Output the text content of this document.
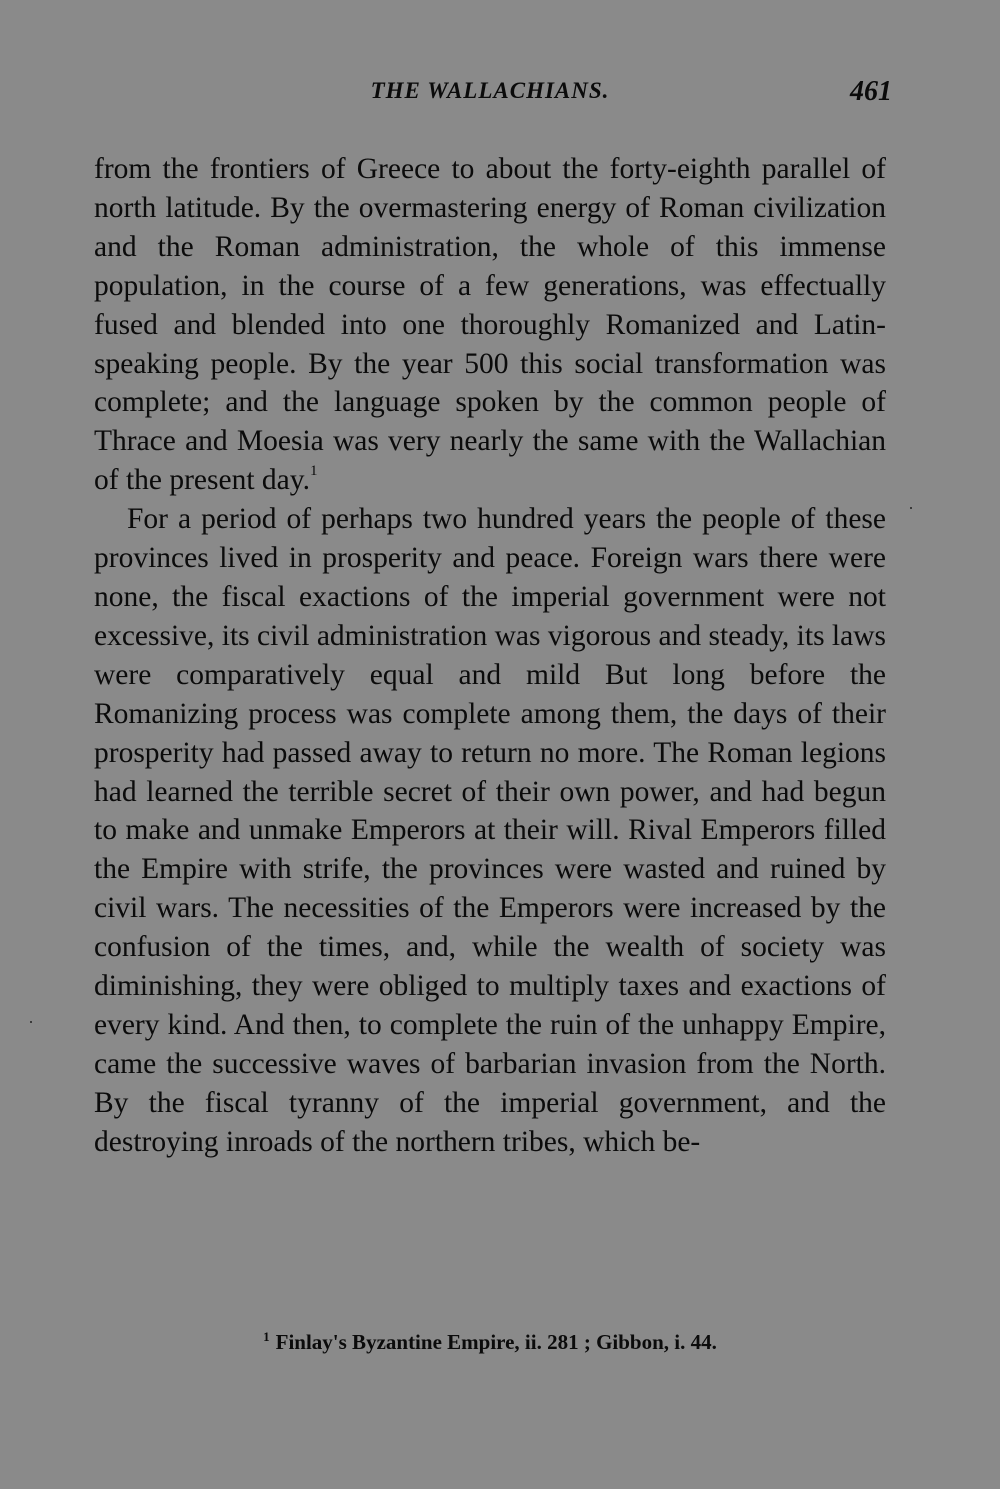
THE WALLACHIANS.	461

from the frontiers of Greece to about the forty-eighth parallel of north latitude. By the overmastering energy of Roman civilization and the Roman administration, the whole of this immense population, in the course of a few generations, was effectually fused and blended into one thoroughly Romanized and Latin-speaking people. By the year 500 this social transformation was complete; and the language spoken by the common people of Thrace and Moesia was very nearly the same with the Wallachian of the present day.$^1$

For a period of perhaps two hundred years the people of these provinces lived in prosperity and peace. Foreign wars there were none, the fiscal exactions of the imperial government were not excessive, its civil administration was vigorous and steady, its laws were comparatively equal and mild But long before the Romanizing process was complete among them, the days of their prosperity had passed away to return no more. The Roman legions had learned the terrible secret of their own power, and had begun to make and unmake Emperors at their will. Rival Emperors filled the Empire with strife, the provinces were wasted and ruined by civil wars. The necessities of the Emperors were increased by the confusion of the times, and, while the wealth of society was diminishing, they were obliged to multiply taxes and exactions of every kind. And then, to complete the ruin of the unhappy Empire, came the successive waves of barbarian invasion from the North. By the fiscal tyranny of the imperial government, and the destroying inroads of the northern tribes, which be-

$^1$ Finlay's Byzantine Empire, ii. 281 ; Gibbon, i. 44.
